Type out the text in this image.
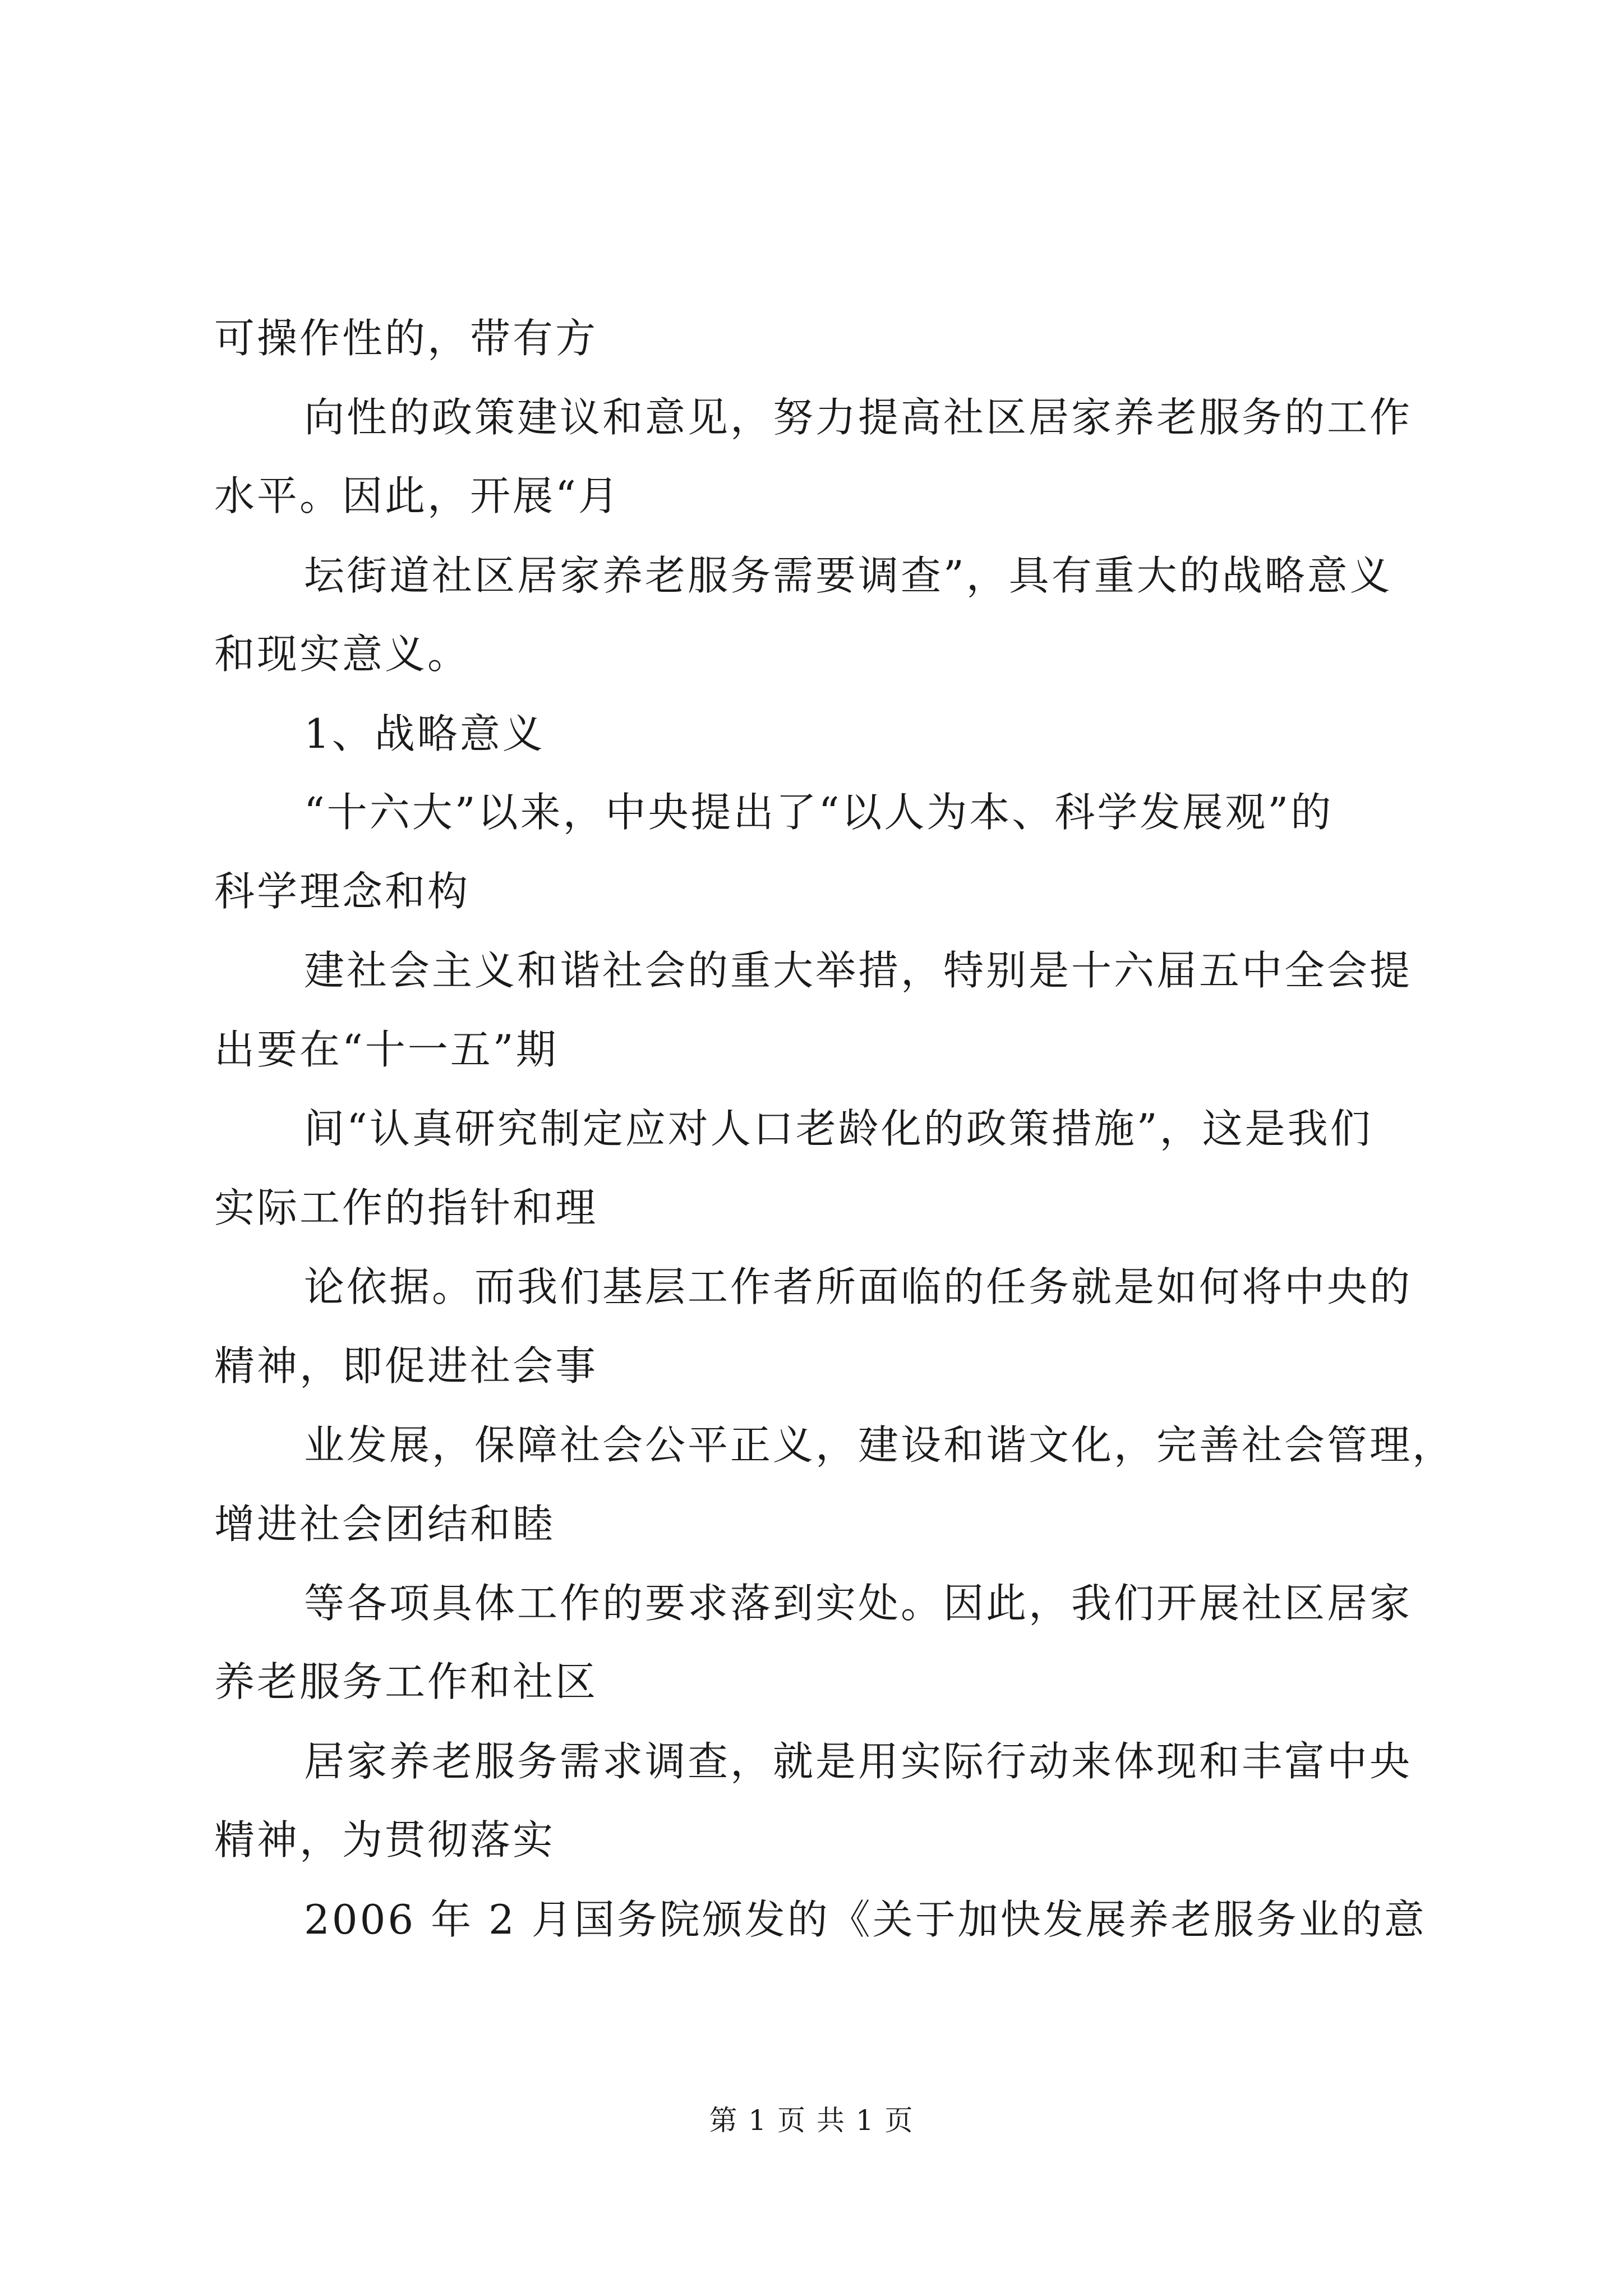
可操作性的，带有方
向性的政策建议和意见，努力提高社区居家养老服务的工作
水平。因此，开展“月
坛街道社区居家养老服务需要调查”，具有重大的战略意义
和现实意义。
1、战略意义
“十六大”以来，中央提出了“以人为本、科学发展观”的
科学理念和构
建社会主义和谐社会的重大举措，特别是十六届五中全会提
出要在“十一五”期
间“认真研究制定应对人口老龄化的政策措施”，这是我们
实际工作的指针和理
论依据。而我们基层工作者所面临的任务就是如何将中央的
精神，即促进社会事
业发展，保障社会公平正义，建设和谐文化，完善社会管理，
增进社会团结和睦
等各项具体工作的要求落到实处。因此，我们开展社区居家
养老服务工作和社区
居家养老服务需求调查，就是用实际行动来体现和丰富中央
精神，为贯彻落实
2006 年 2 月国务院颁发的《关于加快发展养老服务业的意
第 1 页 共 1 页
